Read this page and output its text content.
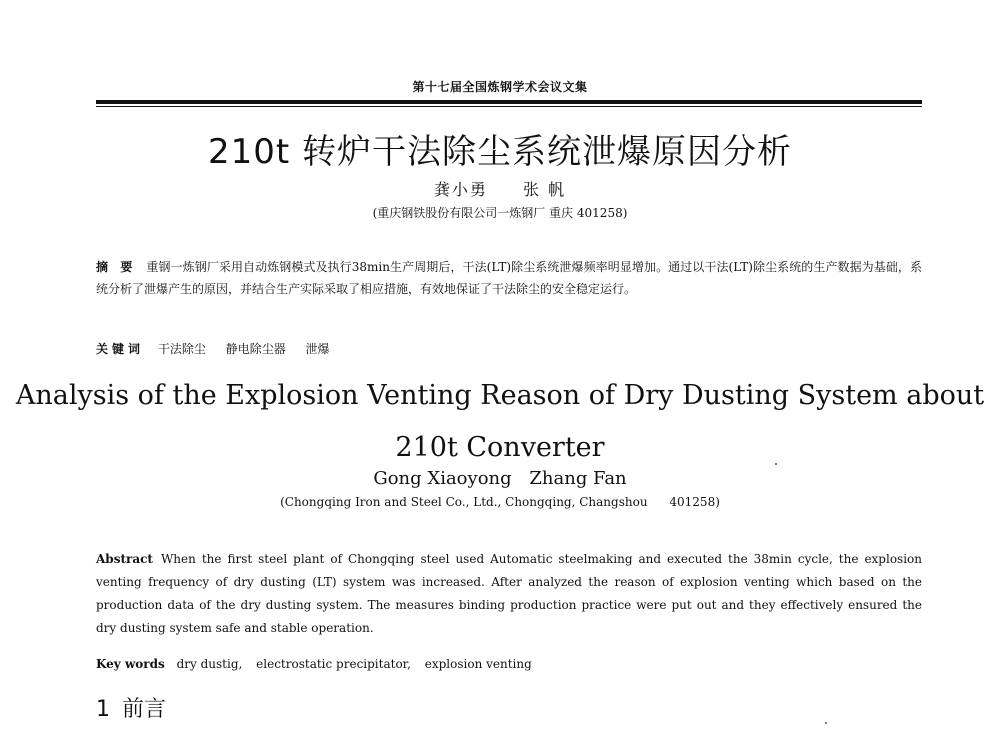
第十七届全国炼钢学术会议文集
210t 转炉干法除尘系统泄爆原因分析
龚小勇 张 帆
(重庆钢铁股份有限公司一炼钢厂 重庆 401258)
摘 要 重钢一炼钢厂采用自动炼钢模式及执行38min生产周期后，干法(LT)除尘系统泄爆频率明显增加。通过以干法(LT)除尘系统的生产数据为基础，系统分析了泄爆产生的原因，并结合生产实际采取了相应措施，有效地保证了干法除尘的安全稳定运行。
关键词 干法除尘 静电除尘器 泄爆
Analysis of the Explosion Venting Reason of Dry Dusting System about
210t Converter
Gong Xiaoyong Zhang Fan
(Chongqing Iron and Steel Co., Ltd., Chongqing, Changshou 401258)
Abstract When the first steel plant of Chongqing steel used Automatic steelmaking and executed the 38min cycle, the explosion venting frequency of dry dusting (LT) system was increased. After analyzed the reason of explosion venting which based on the production data of the dry dusting system. The measures binding production practice were put out and they effectively ensured the dry dusting system safe and stable operation.
Key words dry dustig, electrostatic precipitator, explosion venting
1 前言
